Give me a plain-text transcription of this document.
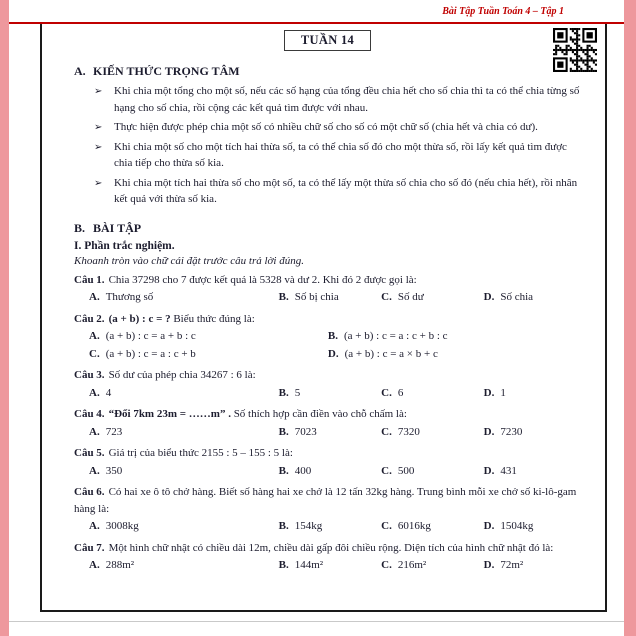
Bài Tập Tuần Toán 4 – Tập 1
TUẦN 14
A. KIẾN THỨC TRỌNG TÂM
➢	Khi chia một tổng cho một số, nếu các số hạng của tổng đều chia hết cho số chia thì ta có thể chia từng số hạng cho số chia, rồi cộng các kết quả tìm được với nhau.
➢	Thực hiện được phép chia một số có nhiều chữ số cho số có một chữ số (chia hết và chia có dư).
➢	Khi chia một số cho một tích hai thừa số, ta có thể chia số đó cho một thừa số, rồi lấy kết quả tìm được chia tiếp cho thừa số kia.
➢	Khi chia một tích hai thừa số cho một số, ta có thể lấy một thừa số chia cho số đó (nếu chia hết), rồi nhân kết quả với thừa số kia.
B. BÀI TẬP
I. Phần trắc nghiệm.
Khoanh tròn vào chữ cái đặt trước câu trả lời đúng.
Câu 1. Chia 37298 cho 7 được kết quả là 5328 và dư 2. Khi đó 2 được gọi là:
A. Thương số	B. Số bị chia	C. Số dư	D. Số chia
Câu 2. (a + b) : c = ? Biểu thức đúng là:
A. (a + b) : c = a + b : c	B. (a + b) : c = a : c + b : c
C. (a + b) : c = a : c + b	D. (a + b) : c = a × b + c
Câu 3. Số dư của phép chia 34267 : 6 là:
A. 4	B. 5	C. 6	D. 1
Câu 4. “Đổi 7km 23m = ……m” . Số thích hợp cần điền vào chỗ chấm là:
A. 723	B. 7023	C. 7320	D. 7230
Câu 5. Giá trị của biểu thức 2155 : 5 – 155 : 5 là:
A. 350	B. 400	C. 500	D. 431
Câu 6. Có hai xe ô tô chở hàng. Biết số hàng hai xe chở là 12 tấn 32kg hàng. Trung bình mỗi xe chở số ki-lô-gam hàng là:
A. 3008kg	B. 154kg	C. 6016kg	D. 1504kg
Câu 7. Một hình chữ nhật có chiều dài 12m, chiều dài gấp đôi chiều rộng. Diện tích của hình chữ nhật đó là:
A. 288m²	B. 144m²	C. 216m²	D. 72m²
